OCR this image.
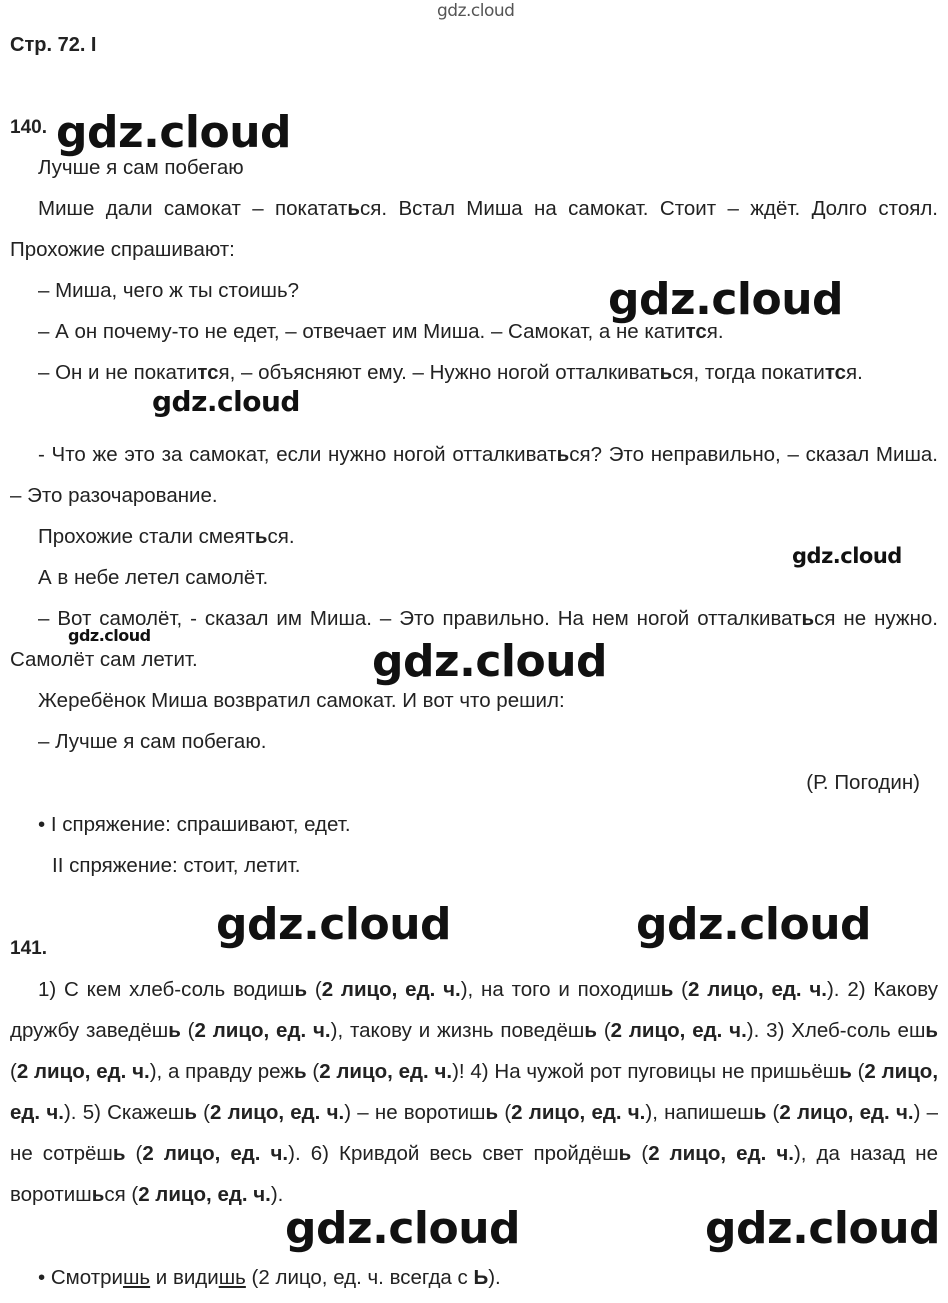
gdz.cloud
Стр. 72. I
140.

Лучше я сам побегаю

Мише дали самокат – покататься. Встал Миша на самокат. Стоит – ждёт. Долго стоял. Прохожие спрашивают:

– Миша, чего ж ты стоишь?

– А он почему-то не едет, – отвечает им Миша. – Самокат, а не катится.

– Он и не покатится, – объясняют ему. – Нужно ногой отталкиваться, тогда покатится.

- Что же это за самокат, если нужно ногой отталкиваться? Это неправильно, – сказал Миша. – Это разочарование.

Прохожие стали смеяться.

А в небе летел самолёт.

– Вот самолёт, - сказал им Миша. – Это правильно. На нем ногой отталкиваться не нужно. Самолёт сам летит.

Жеребёнок Миша возвратил самокат. И вот что решил:

– Лучше я сам побегаю.

(Р. Погодин)

• I спряжение: спрашивают, едет.

II спряжение: стоит, летит.

141.

1) С кем хлеб-соль водишь (2 лицо, ед. ч.), на того и походишь (2 лицо, ед. ч.). 2) Какову дружбу заведёшь (2 лицо, ед. ч.), такову и жизнь поведёшь (2 лицо, ед. ч.). 3) Хлеб-соль ешь (2 лицо, ед. ч.), а правду режь (2 лицо, ед. ч.)! 4) На чужой рот пуговицы не пришьёшь (2 лицо, ед. ч.). 5) Скажешь (2 лицо, ед. ч.) – не воротишь (2 лицо, ед. ч.), напишешь (2 лицо, ед. ч.) – не сотрёшь (2 лицо, ед. ч.). 6) Кривдой весь свет пройдёшь (2 лицо, ед. ч.), да назад не воротишься (2 лицо, ед. ч.).

• Смотришь и видишь (2 лицо, ед. ч. всегда с Ь).

gdz.cloud
gdz.cloud
gdz.cloud
gdz.cloud
gdz.cloud
gdz.cloud
gdz.cloud	gdz.cloud
gdz.cloud	gdz.cloud
